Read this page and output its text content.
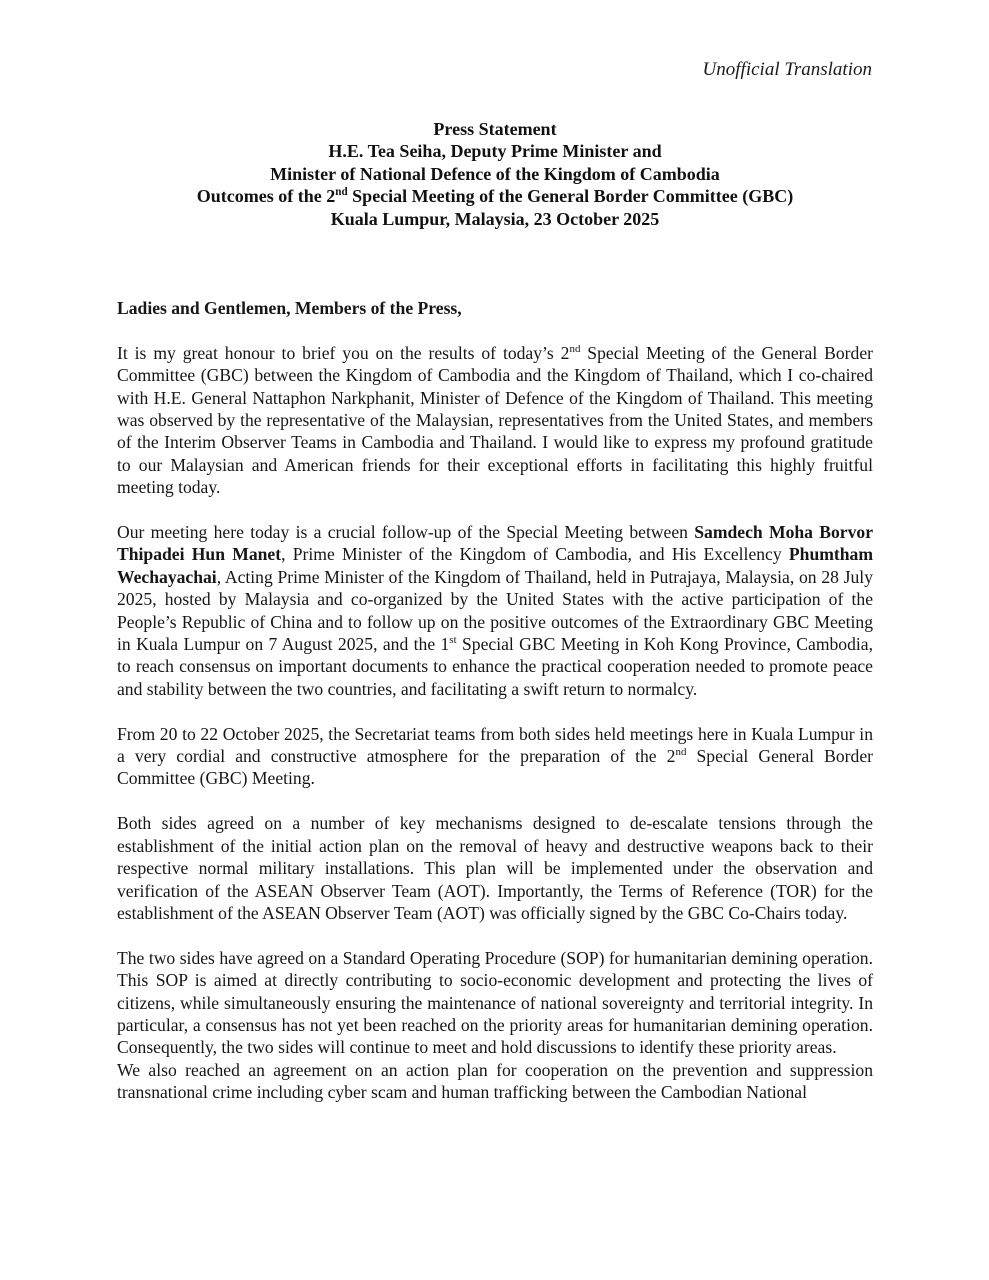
Unofficial Translation
Press Statement
H.E. Tea Seiha, Deputy Prime Minister and
Minister of National Defence of the Kingdom of Cambodia
Outcomes of the 2nd Special Meeting of the General Border Committee (GBC)
Kuala Lumpur, Malaysia, 23 October 2025

Ladies and Gentlemen, Members of the Press,

It is my great honour to brief you on the results of today’s 2nd Special Meeting of the General Border Committee (GBC) between the Kingdom of Cambodia and the Kingdom of Thailand, which I co-chaired with H.E. General Nattaphon Narkphanit, Minister of Defence of the Kingdom of Thailand. This meeting was observed by the representative of the Malaysian, representatives from the United States, and members of the Interim Observer Teams in Cambodia and Thailand. I would like to express my profound gratitude to our Malaysian and American friends for their exceptional efforts in facilitating this highly fruitful meeting today.

Our meeting here today is a crucial follow-up of the Special Meeting between Samdech Moha Borvor Thipadei Hun Manet, Prime Minister of the Kingdom of Cambodia, and His Excellency Phumtham Wechayachai, Acting Prime Minister of the Kingdom of Thailand, held in Putrajaya, Malaysia, on 28 July 2025, hosted by Malaysia and co-organized by the United States with the active participation of the People’s Republic of China and to follow up on the positive outcomes of the Extraordinary GBC Meeting in Kuala Lumpur on 7 August 2025, and the 1st Special GBC Meeting in Koh Kong Province, Cambodia, to reach consensus on important documents to enhance the practical cooperation needed to promote peace and stability between the two countries, and facilitating a swift return to normalcy.

From 20 to 22 October 2025, the Secretariat teams from both sides held meetings here in Kuala Lumpur in a very cordial and constructive atmosphere for the preparation of the 2nd Special General Border Committee (GBC) Meeting.

Both sides agreed on a number of key mechanisms designed to de-escalate tensions through the establishment of the initial action plan on the removal of heavy and destructive weapons back to their respective normal military installations. This plan will be implemented under the observation and verification of the ASEAN Observer Team (AOT). Importantly, the Terms of Reference (TOR) for the establishment of the ASEAN Observer Team (AOT) was officially signed by the GBC Co-Chairs today.

The two sides have agreed on a Standard Operating Procedure (SOP) for humanitarian demining operation. This SOP is aimed at directly contributing to socio-economic development and protecting the lives of citizens, while simultaneously ensuring the maintenance of national sovereignty and territorial integrity. In particular, a consensus has not yet been reached on the priority areas for humanitarian demining operation. Consequently, the two sides will continue to meet and hold discussions to identify these priority areas.

We also reached an agreement on an action plan for cooperation on the prevention and suppression transnational crime including cyber scam and human trafficking between the Cambodian National
